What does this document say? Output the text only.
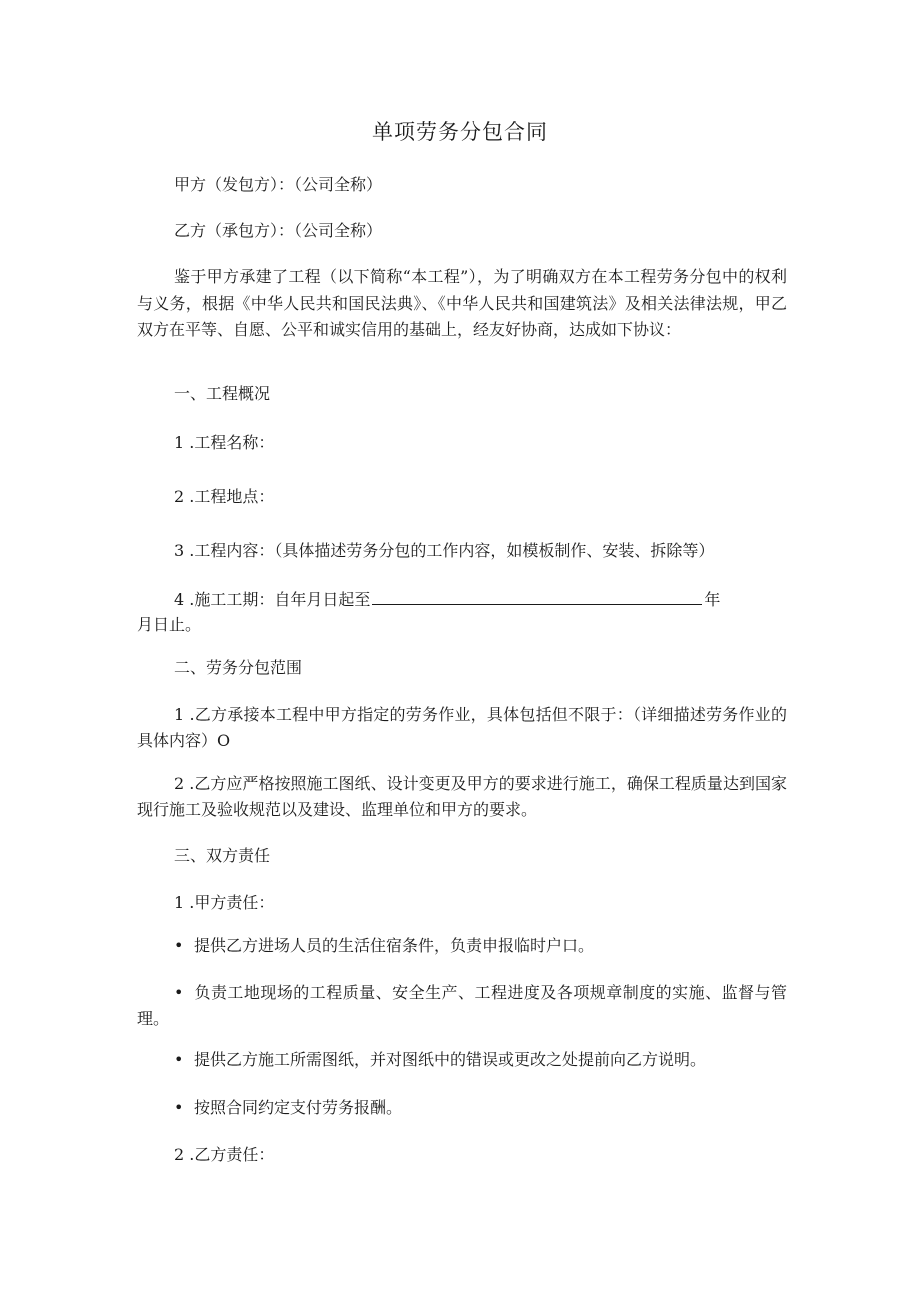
单项劳务分包合同
甲方（发包方）：（公司全称）
乙方（承包方）：（公司全称）
鉴于甲方承建了工程（以下简称“本工程”），为了明确双方在本工程劳务分包中的权利与义务，根据《中华人民共和国民法典》、《中华人民共和国建筑法》及相关法律法规，甲乙双方在平等、自愿、公平和诚实信用的基础上，经友好协商，达成如下协议：
一、工程概况
1 .工程名称：
2 .工程地点：
3 .工程内容：（具体描述劳务分包的工作内容，如模板制作、安装、拆除等）
4 .施工工期：自年月日起至	年
月日止。
二、劳务分包范围
1 .乙方承接本工程中甲方指定的劳务作业，具体包括但不限于：（详细描述劳务作业的具体内容）O
2 .乙方应严格按照施工图纸、设计变更及甲方的要求进行施工，确保工程质量达到国家现行施工及验收规范以及建设、监理单位和甲方的要求。
三、双方责任
1 .甲方责任：
• 提供乙方进场人员的生活住宿条件，负责申报临时户口。
• 负责工地现场的工程质量、安全生产、工程进度及各项规章制度的实施、监督与管理。
• 提供乙方施工所需图纸，并对图纸中的错误或更改之处提前向乙方说明。
• 按照合同约定支付劳务报酬。
2 .乙方责任：
